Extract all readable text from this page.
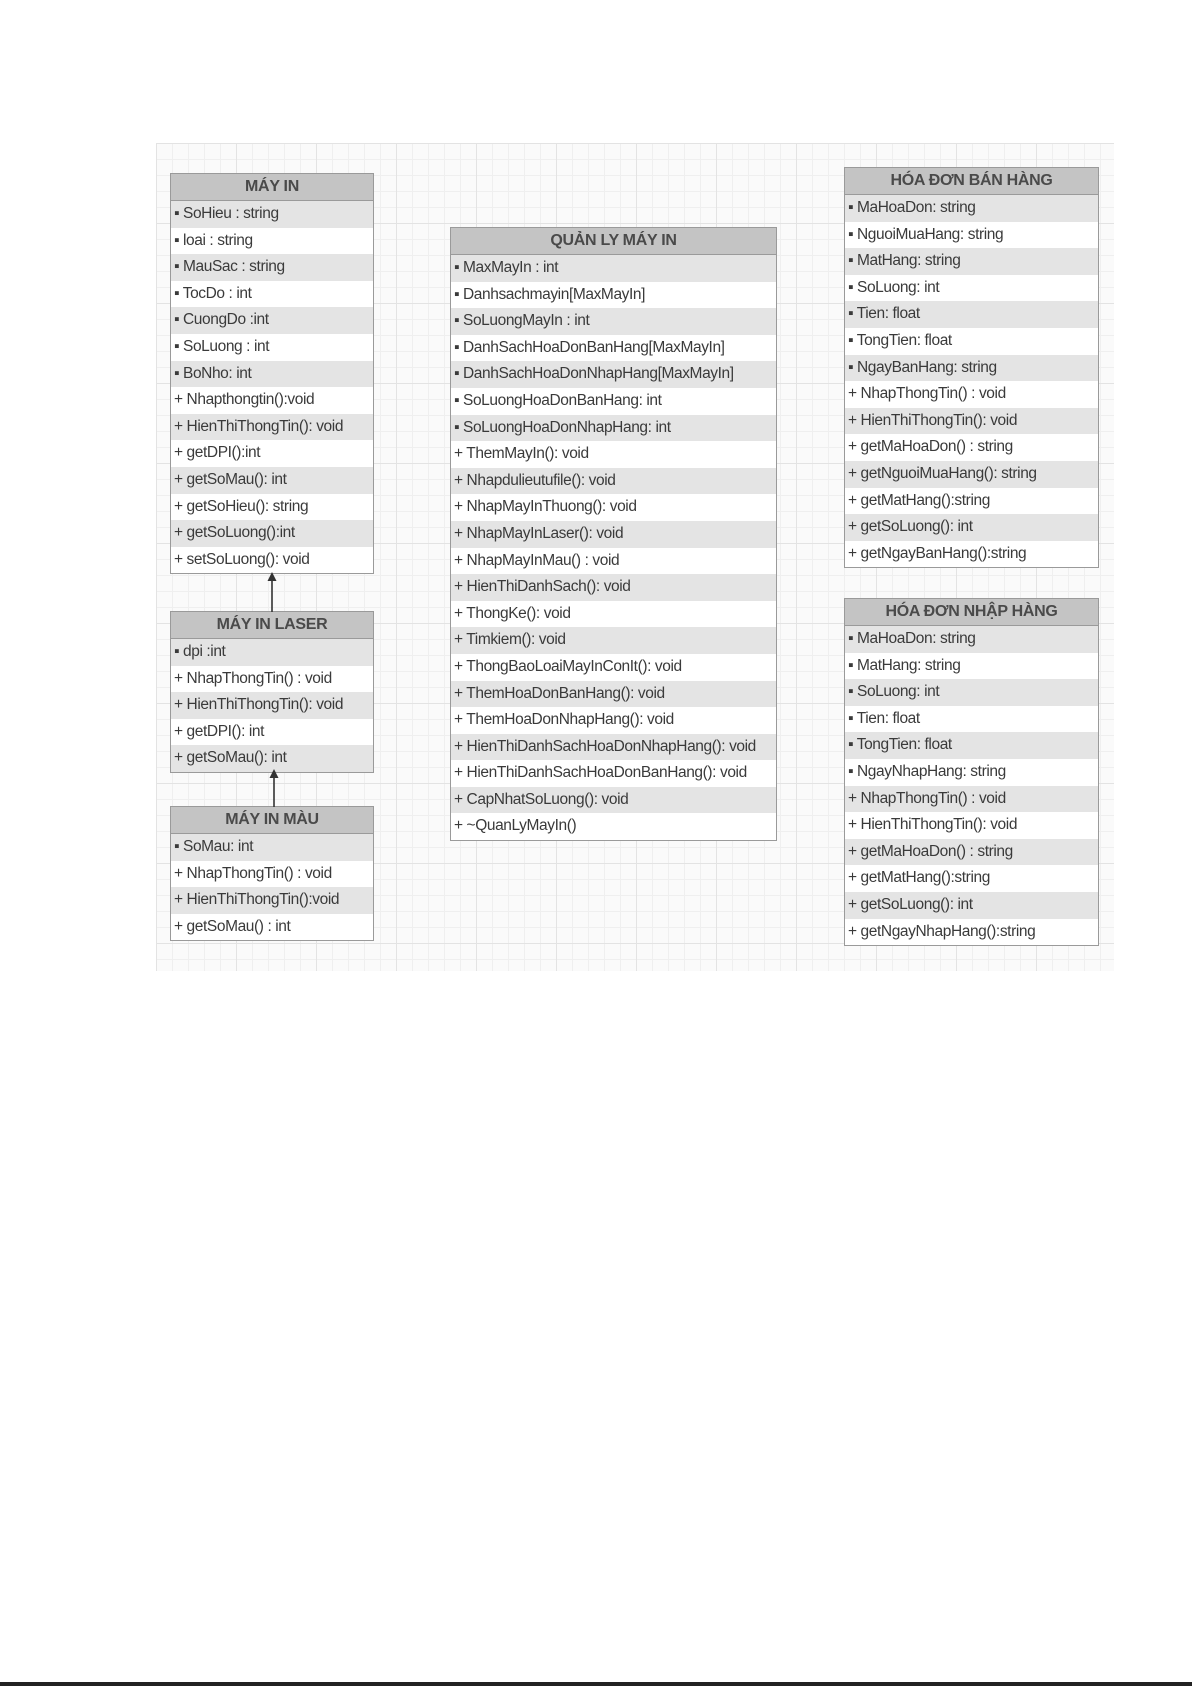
MÁY IN
▪ SoHieu : string
▪ loai : string
▪ MauSac : string
▪ TocDo : int
▪ CuongDo :int
▪ SoLuong : int
▪ BoNho: int
+ Nhapthongtin():void
+ HienThiThongTin(): void
+ getDPI():int
+ getSoMau(): int
+ getSoHieu(): string
+ getSoLuong():int
+ setSoLuong(): void
MÁY IN LASER
▪ dpi :int
+ NhapThongTin() : void
+ HienThiThongTin(): void
+ getDPI(): int
+ getSoMau(): int
MÁY IN MÀU
▪ SoMau: int
+ NhapThongTin() : void
+ HienThiThongTin():void
+ getSoMau() : int
QUẢN LY MÁY IN
▪ MaxMayIn : int
▪ Danhsachmayin[MaxMayIn]
▪ SoLuongMayIn : int
▪ DanhSachHoaDonBanHang[MaxMayIn]
▪ DanhSachHoaDonNhapHang[MaxMayIn]
▪ SoLuongHoaDonBanHang: int
▪ SoLuongHoaDonNhapHang: int
+ ThemMayIn(): void
+ Nhapdulieutufile(): void
+ NhapMayInThuong(): void
+ NhapMayInLaser(): void
+ NhapMayInMau() : void
+ HienThiDanhSach(): void
+ ThongKe(): void
+ Timkiem(): void
+ ThongBaoLoaiMayInConIt(): void
+ ThemHoaDonBanHang(): void
+ ThemHoaDonNhapHang(): void
+ HienThiDanhSachHoaDonNhapHang(): void
+ HienThiDanhSachHoaDonBanHang(): void
+ CapNhatSoLuong(): void
+ ~QuanLyMayIn()
HÓA ĐƠN BÁN HÀNG
▪ MaHoaDon: string
▪ NguoiMuaHang: string
▪ MatHang: string
▪ SoLuong: int
▪ Tien: float
▪ TongTien: float
▪ NgayBanHang: string
+ NhapThongTin() : void
+ HienThiThongTin(): void
+ getMaHoaDon() : string
+ getNguoiMuaHang(): string
+ getMatHang():string
+ getSoLuong(): int
+ getNgayBanHang():string
HÓA ĐƠN NHẬP HÀNG
▪ MaHoaDon: string
▪ MatHang: string
▪ SoLuong: int
▪ Tien: float
▪ TongTien: float
▪ NgayNhapHang: string
+ NhapThongTin() : void
+ HienThiThongTin(): void
+ getMaHoaDon() : string
+ getMatHang():string
+ getSoLuong(): int
+ getNgayNhapHang():string
